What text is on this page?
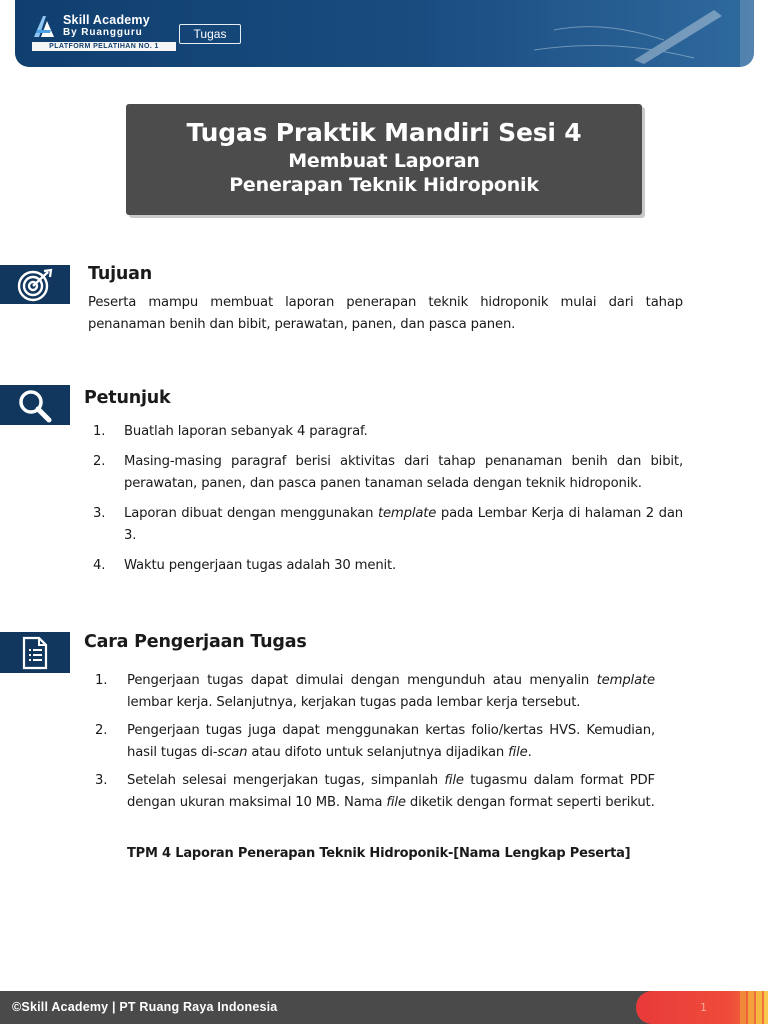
Skill Academy
By Ruangguru
PLATFORM PELATIHAN NO. 1
Tugas
Tugas Praktik Mandiri Sesi 4
Membuat Laporan
Penerapan Teknik Hidroponik
Tujuan
Peserta mampu membuat laporan penerapan teknik hidroponik mulai dari tahap penanaman benih dan bibit, perawatan, panen, dan pasca panen.
Petunjuk
1. Buatlah laporan sebanyak 4 paragraf.
2. Masing-masing paragraf berisi aktivitas dari tahap penanaman benih dan bibit, perawatan, panen, dan pasca panen tanaman selada dengan teknik hidroponik.
3. Laporan dibuat dengan menggunakan template pada Lembar Kerja di halaman 2 dan 3.
4. Waktu pengerjaan tugas adalah 30 menit.
Cara Pengerjaan Tugas
1. Pengerjaan tugas dapat dimulai dengan mengunduh atau menyalin template lembar kerja. Selanjutnya, kerjakan tugas pada lembar kerja tersebut.
2. Pengerjaan tugas juga dapat menggunakan kertas folio/kertas HVS. Kemudian, hasil tugas di-scan atau difoto untuk selanjutnya dijadikan file.
3. Setelah selesai mengerjakan tugas, simpanlah file tugasmu dalam format PDF dengan ukuran maksimal 10 MB. Nama file diketik dengan format seperti berikut.
TPM 4 Laporan Penerapan Teknik Hidroponik-[Nama Lengkap Peserta]
©Skill Academy | PT Ruang Raya Indonesia	1
